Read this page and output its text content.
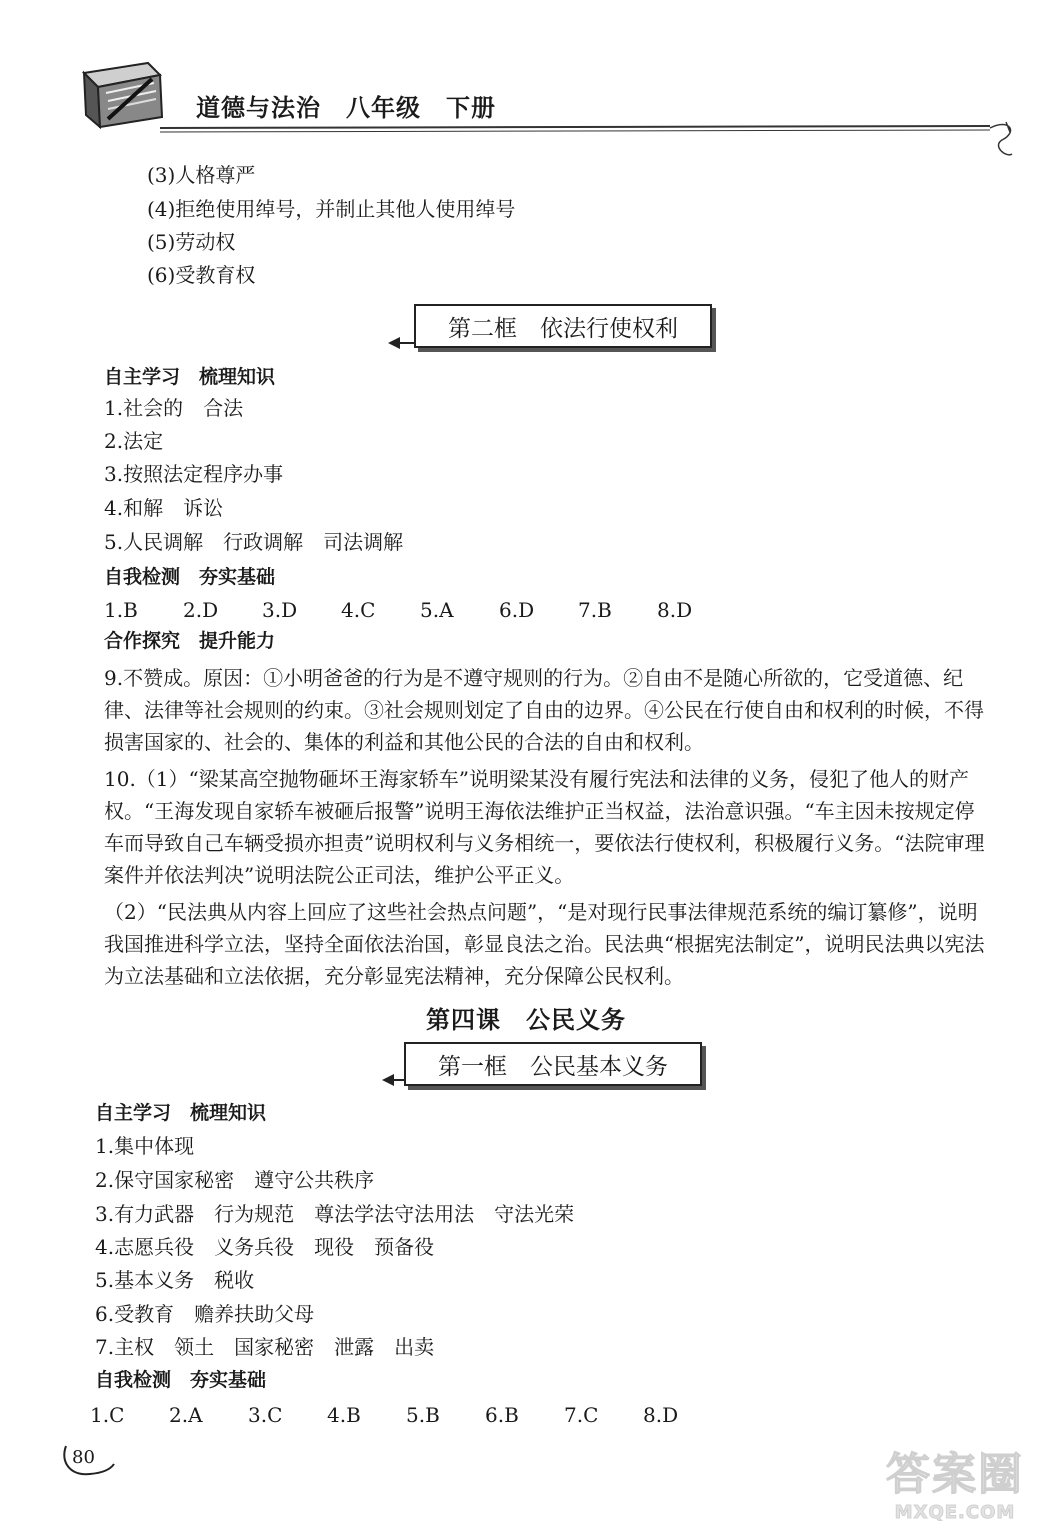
道德与法治　八年级　下册
(3)人格尊严
(4)拒绝使用绰号，并制止其他人使用绰号
(5)劳动权
(6)受教育权
第二框　依法行使权利
自主学习　梳理知识
1.社会的　合法
2.法定
3.按照法定程序办事
4.和解　诉讼
5.人民调解　行政调解　司法调解
自我检测　夯实基础
1.B 2.D 3.D 4.C 5.A 6.D 7.B 8.D
合作探究　提升能力
9.不赞成。原因：①小明爸爸的行为是不遵守规则的行为。②自由不是随心所欲的，它受道德、纪律、法律等社会规则的约束。③社会规则划定了自由的边界。④公民在行使自由和权利的时候，不得损害国家的、社会的、集体的利益和其他公民的合法的自由和权利。
10.（1）“梁某高空抛物砸坏王海家轿车”说明梁某没有履行宪法和法律的义务，侵犯了他人的财产权。“王海发现自家轿车被砸后报警”说明王海依法维护正当权益，法治意识强。“车主因未按规定停车而导致自己车辆受损亦担责”说明权利与义务相统一，要依法行使权利，积极履行义务。“法院审理案件并依法判决”说明法院公正司法，维护公平正义。
（2）“民法典从内容上回应了这些社会热点问题”，“是对现行民事法律规范系统的编订纂修”，说明我国推进科学立法，坚持全面依法治国，彰显良法之治。民法典“根据宪法制定”，说明民法典以宪法为立法基础和立法依据，充分彰显宪法精神，充分保障公民权利。
第四课　公民义务
第一框　公民基本义务
自主学习　梳理知识
1.集中体现
2.保守国家秘密　遵守公共秩序
3.有力武器　行为规范　尊法学法守法用法　守法光荣
4.志愿兵役　义务兵役　现役　预备役
5.基本义务　税收
6.受教育　赡养扶助父母
7.主权　领土　国家秘密　泄露　出卖
自我检测　夯实基础
1.C 2.A 3.C 4.B 5.B 6.B 7.C 8.D
80	答案圈
MXQE.COM
